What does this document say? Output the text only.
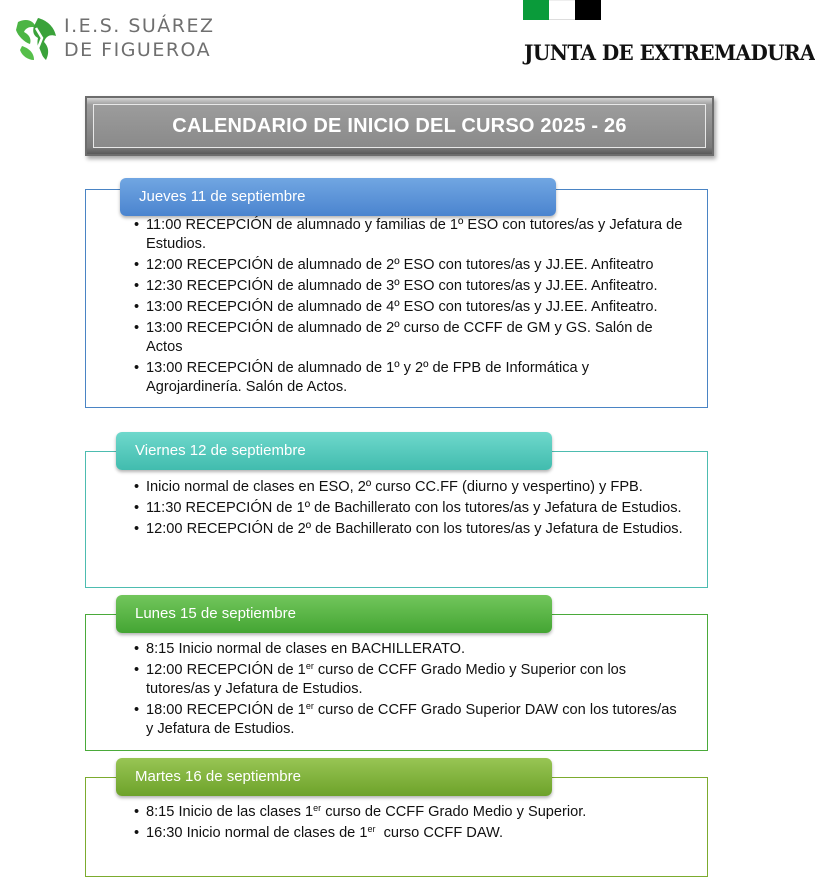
I.E.S. SUÁREZ
DE FIGUEROA	JUNTA DE EXTREMADURA
CALENDARIO DE INICIO DEL CURSO 2025 - 26
Jueves 11 de septiembre
• 11:00 RECEPCIÓN de alumnado y familias de 1º ESO con tutores/as y Jefatura de Estudios.
• 12:00 RECEPCIÓN de alumnado de 2º ESO con tutores/as y JJ.EE. Anfiteatro
• 12:30 RECEPCIÓN de alumnado de 3º ESO con tutores/as y JJ.EE. Anfiteatro.
• 13:00 RECEPCIÓN de alumnado de 4º ESO con tutores/as y JJ.EE. Anfiteatro.
• 13:00 RECEPCIÓN de alumnado de 2º curso de CCFF de GM y GS. Salón de Actos
• 13:00 RECEPCIÓN de alumnado de 1º y 2º de FPB de Informática y Agrojardinería. Salón de Actos.
Viernes 12 de septiembre
• Inicio normal de clases en ESO, 2º curso CC.FF (diurno y vespertino) y FPB.
• 11:30 RECEPCIÓN de 1º de Bachillerato con los tutores/as y Jefatura de Estudios.
• 12:00 RECEPCIÓN de 2º de Bachillerato con los tutores/as y Jefatura de Estudios.
Lunes 15 de septiembre
• 8:15 Inicio normal de clases en BACHILLERATO.
• 12:00 RECEPCIÓN de 1er curso de CCFF Grado Medio y Superior con los tutores/as y Jefatura de Estudios.
• 18:00 RECEPCIÓN de 1er curso de CCFF Grado Superior DAW con los tutores/as y Jefatura de Estudios.
Martes 16 de septiembre
• 8:15 Inicio de las clases 1er curso de CCFF Grado Medio y Superior.
• 16:30 Inicio normal de clases de 1er  curso CCFF DAW.
